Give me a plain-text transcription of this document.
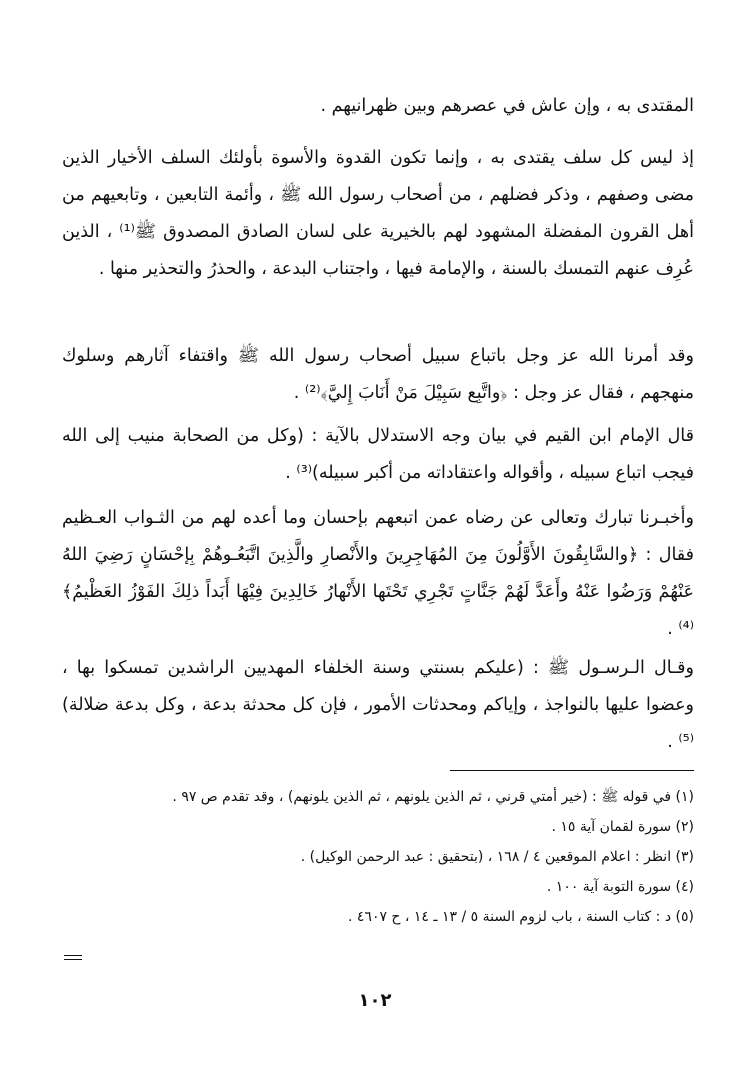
المقتدى به ، وإن عاش في عصرهم وبين ظهرانيهم .

إذ ليس كل سلف يقتدى به ، وإنما تكون القدوة والأسوة بأولئك السلف الأخيار الذين مضى وصفهم ، وذكر فضلهم ، من أصحاب رسول الله ﷺ ، وأئمة التابعين ، وتابعيهم من أهل القرون المفضلة المشهود لهم بالخيرية على لسان الصادق المصدوق ﷺ⁽¹⁾ ، الذين عُرِف عنهم التمسك بالسنة ، والإمامة فيها ، واجتناب البدعة ، والحذرُ والتحذير منها .

وقد أمرنا الله عز وجل باتباع سبيل أصحاب رسول الله ﷺ واقتفاء آثارهم وسلوك منهجهم ، فقال عز وجل : ﴿واتَّبِع سَبِيْلَ مَنْ أَنَابَ إِليَّ﴾⁽²⁾ .

قال الإمام ابن القيم في بيان وجه الاستدلال بالآية : (وكل من الصحابة منيب إلى الله فيجب اتباع سبيله ، وأقواله واعتقاداته من أكبر سبيله)⁽³⁾ .

وأخبـرنا تبارك وتعالى عن رضاه عمن اتبعهم بإحسان وما أعده لهم من الثـواب العـظيم فقال : ﴿والسَّابِقُونَ الأَوَّلُونَ مِنَ المُهَاجِرِينَ والأَنْصارِ والَّذِينَ اتَّبَعُـوهُمْ بِإحْسَانٍ رَضِيَ اللهُ عَنْهُمْ وَرَضُوا عَنْهُ وأَعَدَّ لَهُمْ جَنَّاتٍ تَجْرِي تَحْتَها الأَنْهارُ خَالِدِينَ فِيْهَا أَبَداً ذلِكَ الفَوْزُ العَظْيمُ﴾⁽⁴⁾ .

وقـال الـرسـول ﷺ : (عليكم بسنتي وسنة الخلفاء المهديين الراشدين تمسكوا بها ، وعضوا عليها بالنواجذ ، وإياكم ومحدثات الأمور ، فإن كل محدثة بدعة ، وكل بدعة ضلالة)⁽⁵⁾ .

(١) في قوله ﷺ : (خير أمتي قرني ، ثم الذين يلونهم ، ثم الذين يلونهم) ، وقد تقدم ص ٩٧ .
(٢) سورة لقمان آية ١٥ .
(٣) انظر : اعلام الموقعين ٤ / ١٦٨ ، (بتحقيق : عبد الرحمن الوكيل) .
(٤) سورة التوبة آية ١٠٠ .
(٥) د : كتاب السنة ، باب لزوم السنة ٥ / ١٣ ـ ١٤ ، ح ٤٦٠٧ .
١٠٢
